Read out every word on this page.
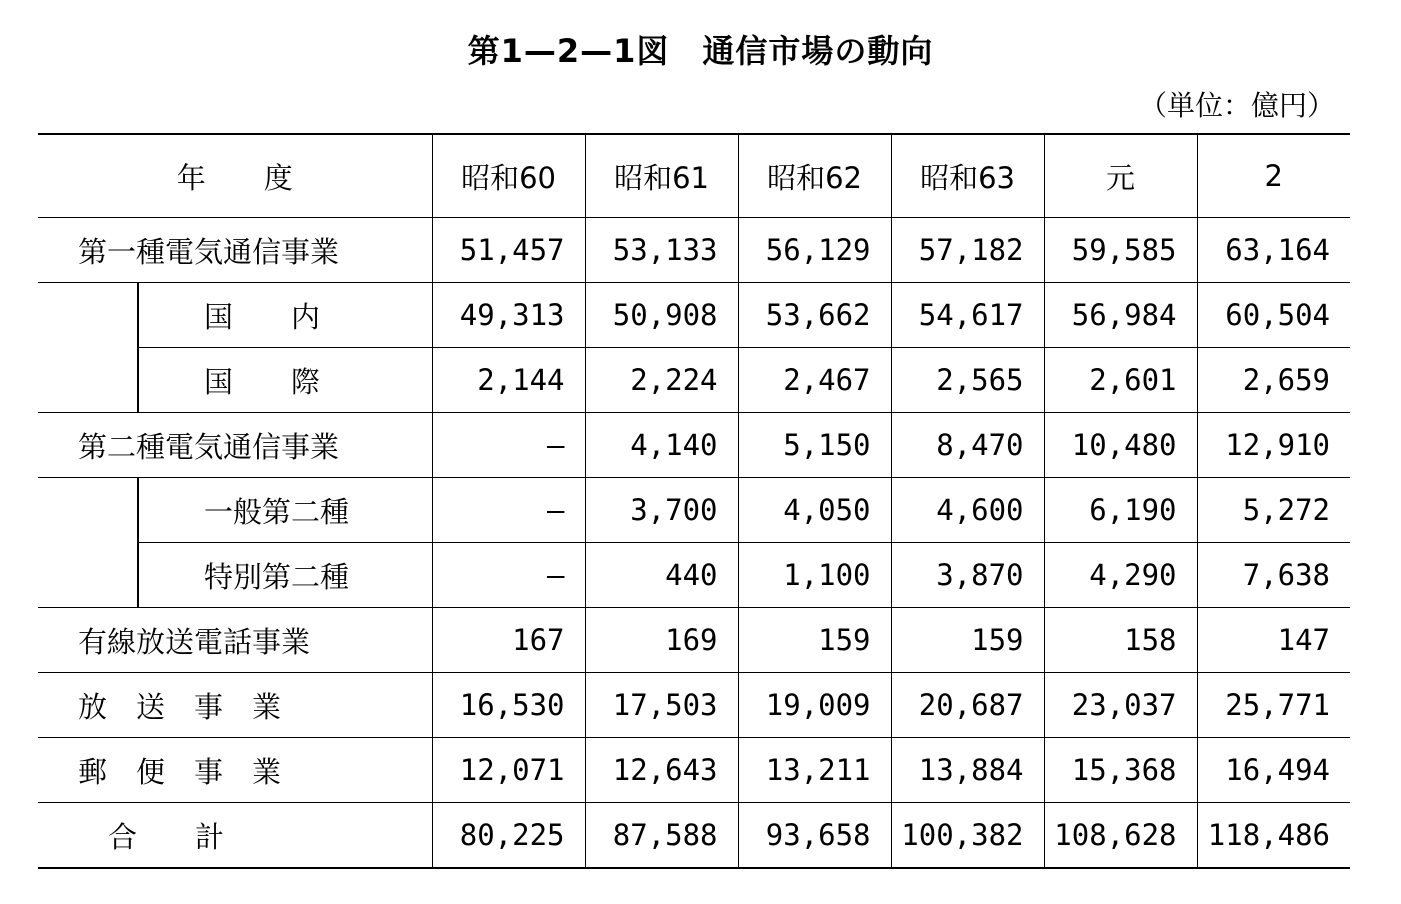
第1—2—1図　通信市場の動向
（単位：億円）
年　　度		昭和60	昭和61	昭和62	昭和63	元	2
第一種電気通信事業		51,457	53,133	56,129	57,182	59,585	63,164
	国　　内	49,313	50,908	53,662	54,617	56,984	60,504
	国　　際	2,144	2,224	2,467	2,565	2,601	2,659
第二種電気通信事業		—	4,140	5,150	8,470	10,480	12,910
	一般第二種	—	3,700	4,050	4,600	6,190	5,272
	特別第二種	—	440	1,100	3,870	4,290	7,638
有線放送電話事業		167	169	159	159	158	147
放　送　事　業		16,530	17,503	19,009	20,687	23,037	25,771
郵　便　事　業		12,071	12,643	13,211	13,884	15,368	16,494
合　　計		80,225	87,588	93,658	100,382	108,628	118,486
